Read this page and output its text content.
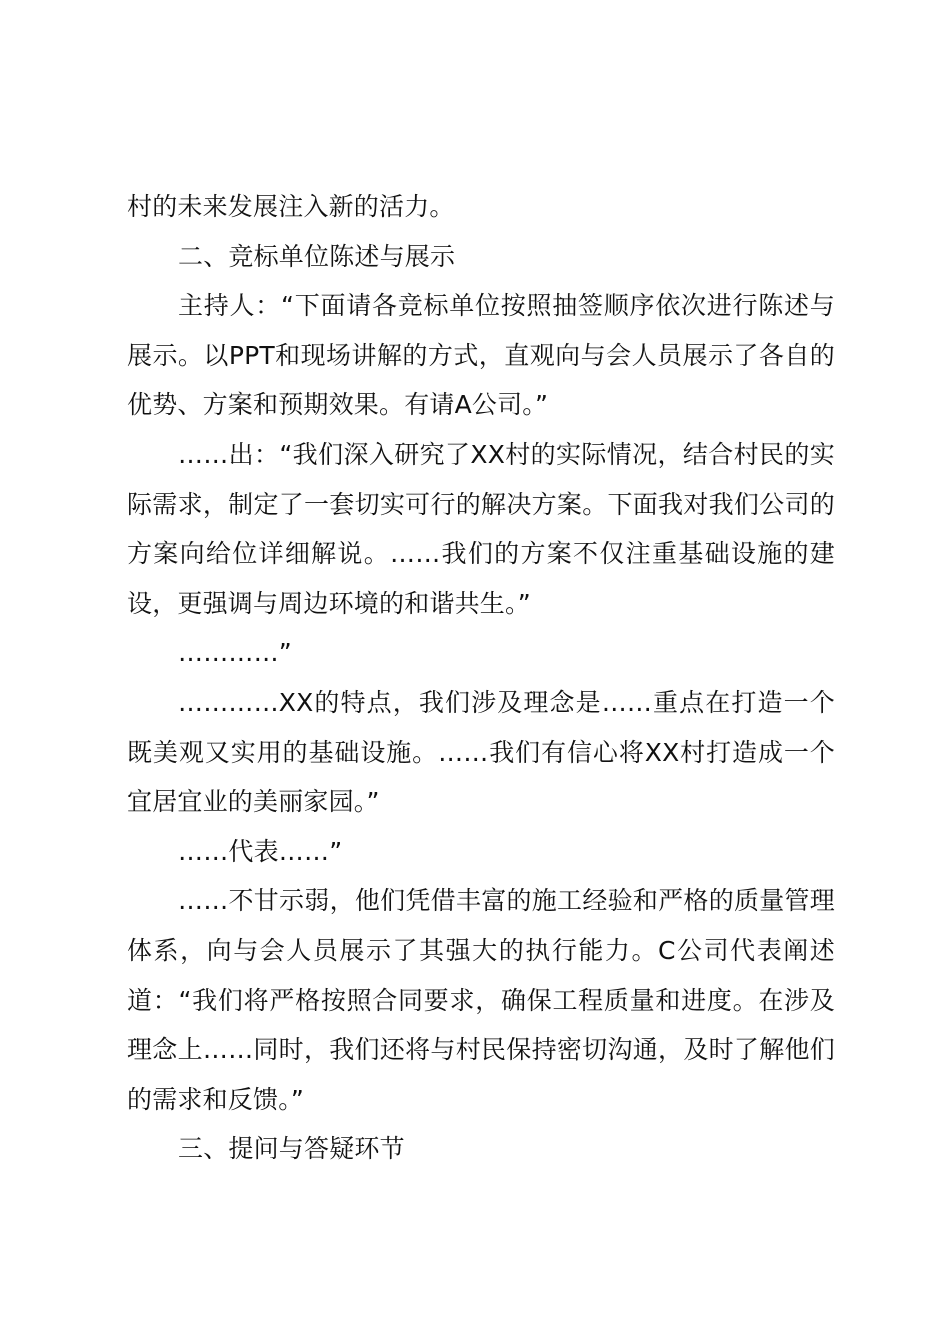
村的未来发展注入新的活力。

二、竞标单位陈述与展示

主持人：“下面请各竞标单位按照抽签顺序依次进行陈述与展示。以PPT和现场讲解的方式，直观向与会人员展示了各自的优势、方案和预期效果。有请A公司。”

……出：“我们深入研究了XX村的实际情况，结合村民的实际需求，制定了一套切实可行的解决方案。下面我对我们公司的方案向给位详细解说。……我们的方案不仅注重基础设施的建设，更强调与周边环境的和谐共生。”

…………”

…………XX的特点，我们涉及理念是……重点在打造一个既美观又实用的基础设施。……我们有信心将XX村打造成一个宜居宜业的美丽家园。”

……代表……”

……不甘示弱，他们凭借丰富的施工经验和严格的质量管理体系，向与会人员展示了其强大的执行能力。C公司代表阐述道：“我们将严格按照合同要求，确保工程质量和进度。在涉及理念上……同时，我们还将与村民保持密切沟通，及时了解他们的需求和反馈。”

三、提问与答疑环节
